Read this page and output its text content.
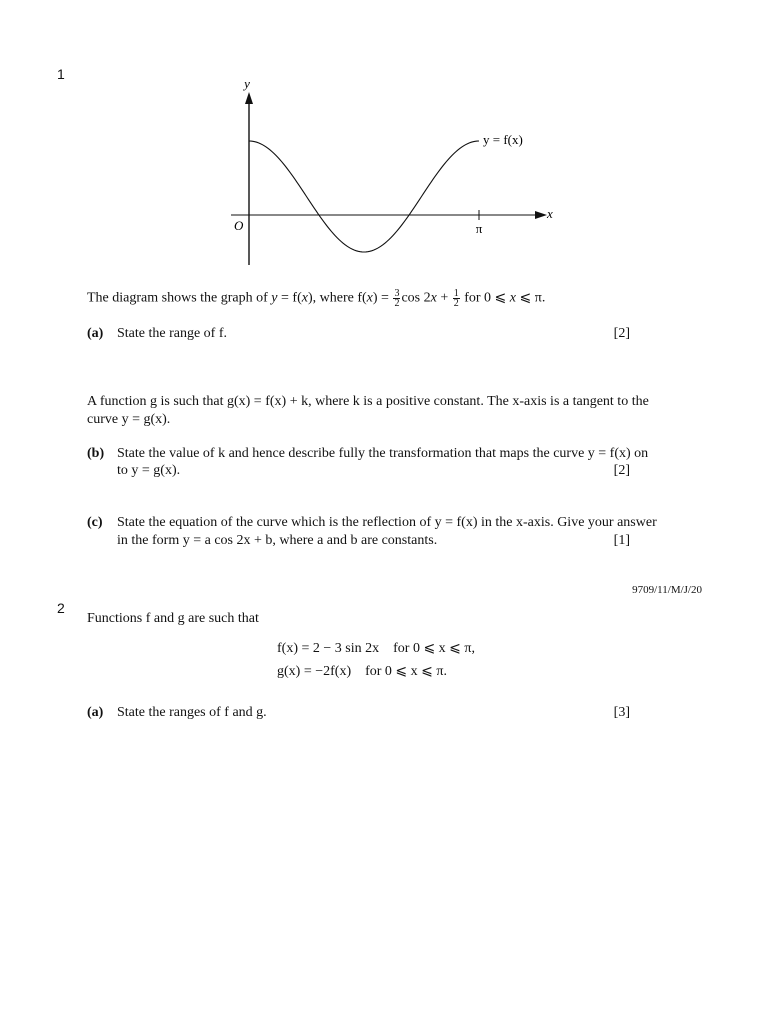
1
y
x
O	π
y = f(x)
The diagram shows the graph of y = f(x), where $f(x) = \frac{3}{2}$ $\cos 2x + \frac{1}{2}$ for 0 ⩽ x ⩽ π.
(a) State the range of f.	[2]
A function g is such that g(x) = f(x) + k, where k is a positive constant. The x-axis is a tangent to the
curve y = g(x).
(b) State the value of k and hence describe fully the transformation that maps the curve y = f(x) on
to y = g(x).	[2]
(c) State the equation of the curve which is the reflection of y = f(x) in the x-axis. Give your answer
in the form y = a cos 2x + b, where a and b are constants.	[1]
9709/11/M/J/20
2
Functions f and g are such that
f(x) = 2 − 3 sin 2x    for 0 ⩽ x ⩽ π,
g(x) = −2f(x)    for 0 ⩽ x ⩽ π.
(a) State the ranges of f and g.	[3]
